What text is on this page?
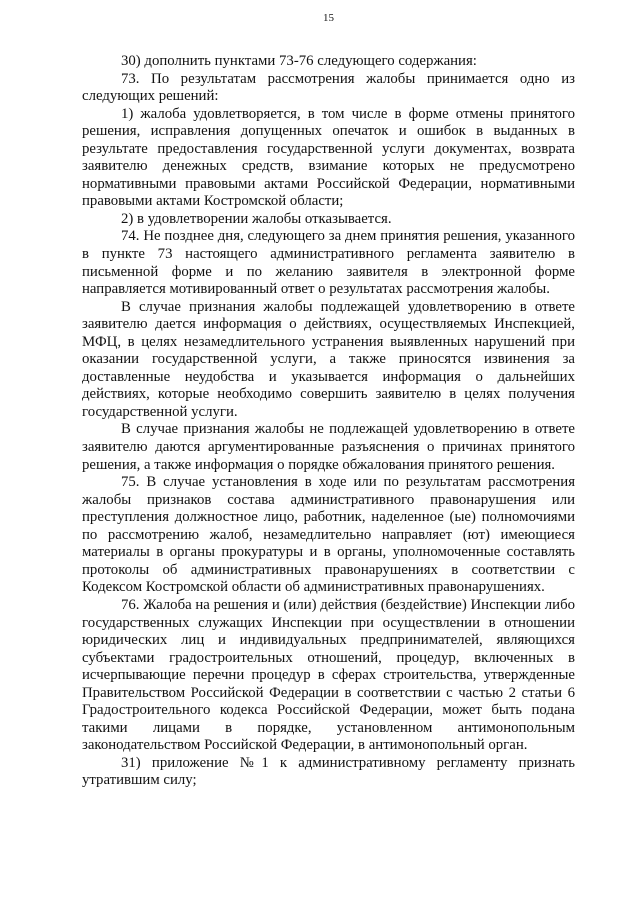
15

30) дополнить пунктами 73-76 следующего содержания:

73. По результатам рассмотрения жалобы принимается одно из следующих решений:

1) жалоба удовлетворяется, в том числе в форме отмены принятого решения, исправления допущенных опечаток и ошибок в выданных в результате предоставления государственной услуги документах, возврата заявителю денежных средств, взимание которых не предусмотрено нормативными правовыми актами Российской Федерации, нормативными правовыми актами Костромской области;

2) в удовлетворении жалобы отказывается.

74. Не позднее дня, следующего за днем принятия решения, указанного в пункте 73 настоящего административного регламента заявителю в письменной форме и по желанию заявителя в электронной форме направляется мотивированный ответ о результатах рассмотрения жалобы.

В случае признания жалобы подлежащей удовлетворению в ответе заявителю дается информация о действиях, осуществляемых Инспекцией, МФЦ, в целях незамедлительного устранения выявленных нарушений при оказании государственной услуги, а также приносятся извинения за доставленные неудобства и указывается информация о дальнейших действиях, которые необходимо совершить заявителю в целях получения государственной услуги.

В случае признания жалобы не подлежащей удовлетворению в ответе заявителю даются аргументированные разъяснения о причинах принятого решения, а также информация о порядке обжалования принятого решения.

75. В случае установления в ходе или по результатам рассмотрения жалобы признаков состава административного правонарушения или преступления должностное лицо, работник, наделенное (ые) полномочиями по рассмотрению жалоб, незамедлительно направляет (ют) имеющиеся материалы в органы прокуратуры и в органы, уполномоченные составлять протоколы об административных правонарушениях в соответствии с Кодексом Костромской области об административных правонарушениях.

76. Жалоба на решения и (или) действия (бездействие) Инспекции либо государственных служащих Инспекции при осуществлении в отношении юридических лиц и индивидуальных предпринимателей, являющихся субъектами градостроительных отношений, процедур, включенных в исчерпывающие перечни процедур в сферах строительства, утвержденные Правительством Российской Федерации в соответствии с частью 2 статьи 6 Градостроительного кодекса Российской Федерации, может быть подана такими лицами в порядке, установленном антимонопольным законодательством Российской Федерации, в антимонопольный орган.

31) приложение №1 к административному регламенту признать утратившим силу;
